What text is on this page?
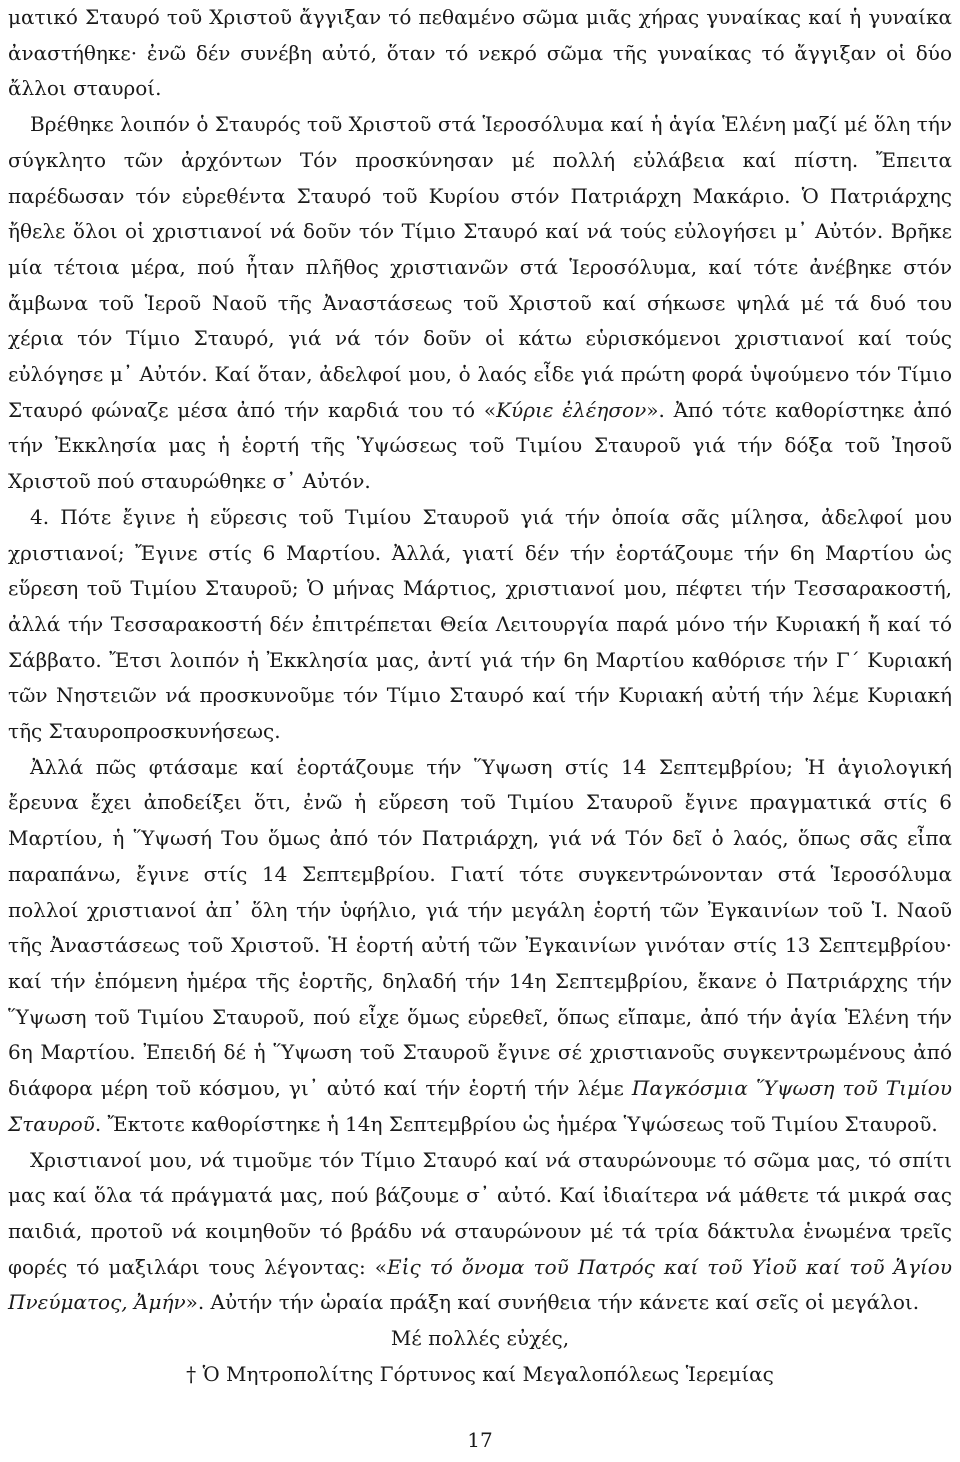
ματικό Σταυρό τοῦ Χριστοῦ ἄγγιξαν τό πεθαμένο σῶμα μιᾶς χήρας γυναίκας καί ἡ γυναίκα ἀναστήθηκε· ἐνῶ δέν συνέβη αὐτό, ὅταν τό νεκρό σῶμα τῆς γυναίκας τό ἄγγιξαν οἱ δύο ἄλλοι σταυροί.

Βρέθηκε λοιπόν ὁ Σταυρός τοῦ Χριστοῦ στά Ἱεροσόλυμα καί ἡ ἁγία Ἑλένη μαζί μέ ὅλη τήν σύγκλητο τῶν ἀρχόντων Τόν προσκύνησαν μέ πολλή εὐλάβεια καί πίστη. Ἔπειτα παρέδωσαν τόν εὑρεθέντα Σταυρό τοῦ Κυρίου στόν Πατριάρχη Μακάριο. Ὁ Πατριάρχης ἤθελε ὅλοι οἱ χριστιανοί νά δοῦν τόν Τίμιο Σταυρό καί νά τούς εὐλογήσει μ᾽ Αὐτόν. Βρῆκε μία τέτοια μέρα, πού ἦταν πλῆθος χριστιανῶν στά Ἱεροσόλυμα, καί τότε ἀνέβηκε στόν ἄμβωνα τοῦ Ἱεροῦ Ναοῦ τῆς Ἀναστάσεως τοῦ Χριστοῦ καί σήκωσε ψηλά μέ τά δυό του χέρια τόν Τίμιο Σταυρό, γιά νά τόν δοῦν οἱ κάτω εὑρισκόμενοι χριστιανοί καί τούς εὐλόγησε μ᾽ Αὐτόν. Καί ὅταν, ἀδελφοί μου, ὁ λαός εἶδε γιά πρώτη φορά ὑψούμενο τόν Τίμιο Σταυρό φώναζε μέσα ἀπό τήν καρδιά του τό «Κύριε ἐλέησον». Ἀπό τότε καθορίστηκε ἀπό τήν Ἐκκλησία μας ἡ ἑορτή τῆς Ὑψώσεως τοῦ Τιμίου Σταυροῦ γιά τήν δόξα τοῦ Ἰησοῦ Χριστοῦ πού σταυρώθηκε σ᾽ Αὐτόν.

4. Πότε ἔγινε ἡ εὕρεσις τοῦ Τιμίου Σταυροῦ γιά τήν ὁποία σᾶς μίλησα, ἀδελφοί μου χριστιανοί; Ἔγινε στίς 6 Μαρτίου. Ἀλλά, γιατί δέν τήν ἑορτάζουμε τήν 6η Μαρτίου ὡς εὕρεση τοῦ Τιμίου Σταυροῦ; Ὁ μήνας Μάρτιος, χριστιανοί μου, πέφτει τήν Τεσσαρακοστή, ἀλλά τήν Τεσσαρακοστή δέν ἐπιτρέπεται Θεία Λειτουργία παρά μόνο τήν Κυριακή ἤ καί τό Σάββατο. Ἔτσι λοιπόν ἡ Ἐκκλησία μας, ἀντί γιά τήν 6η Μαρτίου καθόρισε τήν Γ΄ Κυριακή τῶν Νηστειῶν νά προσκυνοῦμε τόν Τίμιο Σταυρό καί τήν Κυριακή αὐτή τήν λέμε Κυριακή τῆς Σταυροπροσκυνήσεως.

Ἀλλά πῶς φτάσαμε καί ἑορτάζουμε τήν Ὕψωση στίς 14 Σεπτεμβρίου; Ἡ ἁγιολογική ἔρευνα ἔχει ἀποδείξει ὅτι, ἐνῶ ἡ εὕρεση τοῦ Τιμίου Σταυροῦ ἔγινε πραγματικά στίς 6 Μαρτίου, ἡ Ὕψωσή Του ὅμως ἀπό τόν Πατριάρχη, γιά νά Τόν δεῖ ὁ λαός, ὅπως σᾶς εἶπα παραπάνω, ἔγινε στίς 14 Σεπτεμβρίου. Γιατί τότε συγκεντρώνονταν στά Ἱεροσόλυμα πολλοί χριστιανοί ἀπ᾽ ὅλη τήν ὑφήλιο, γιά τήν μεγάλη ἑορτή τῶν Ἐγκαινίων τοῦ Ἱ. Ναοῦ τῆς Ἀναστάσεως τοῦ Χριστοῦ. Ἡ ἑορτή αὐτή τῶν Ἐγκαινίων γινόταν στίς 13 Σεπτεμβρίου· καί τήν ἑπόμενη ἡμέρα τῆς ἑορτῆς, δηλαδή τήν 14η Σεπτεμβρίου, ἔκανε ὁ Πατριάρχης τήν Ὕψωση τοῦ Τιμίου Σταυροῦ, πού εἶχε ὅμως εὑρεθεῖ, ὅπως εἴπαμε, ἀπό τήν ἁγία Ἑλένη τήν 6η Μαρτίου. Ἐπειδή δέ ἡ Ὕψωση τοῦ Σταυροῦ ἔγινε σέ χριστιανοῦς συγκεντρωμένους ἀπό διάφορα μέρη τοῦ κόσμου, γι᾽ αὐτό καί τήν ἑορτή τήν λέμε Παγκόσμια Ὕψωση τοῦ Τιμίου Σταυροῦ. Ἔκτοτε καθορίστηκε ἡ 14η Σεπτεμβρίου ὡς ἡμέρα Ὑψώσεως τοῦ Τιμίου Σταυροῦ.

Χριστιανοί μου, νά τιμοῦμε τόν Τίμιο Σταυρό καί νά σταυρώνουμε τό σῶμα μας, τό σπίτι μας καί ὅλα τά πράγματά μας, πού βάζουμε σ᾽ αὐτό. Καί ἰδιαίτερα νά μάθετε τά μικρά σας παιδιά, προτοῦ νά κοιμηθοῦν τό βράδυ νά σταυρώνουν μέ τά τρία δάκτυλα ἑνωμένα τρεῖς φορές τό μαξιλάρι τους λέγοντας: «Εἰς τό ὄνομα τοῦ Πατρός καί τοῦ Υἱοῦ καί τοῦ Ἁγίου Πνεύματος, Ἀμήν». Αὐτήν τήν ὡραία πράξη καί συνήθεια τήν κάνετε καί σεῖς οἱ μεγάλοι.

Μέ πολλές εὐχές,

† Ὁ Μητροπολίτης Γόρτυνος καί Μεγαλοπόλεως Ἱερεμίας

17
